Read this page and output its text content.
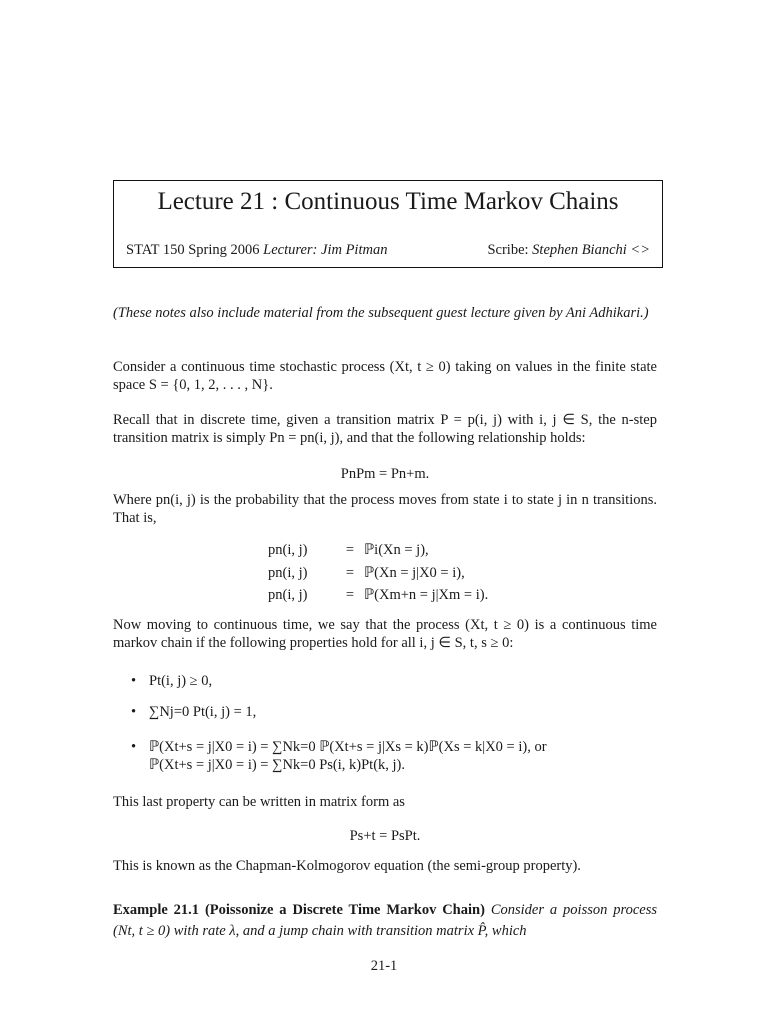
Lecture 21 : Continuous Time Markov Chains
STAT 150 Spring 2006 Lecturer: Jim Pitman	Scribe: Stephen Bianchi <>
(These notes also include material from the subsequent guest lecture given by Ani Adhikari.)
Consider a continuous time stochastic process (Xt, t ≥ 0) taking on values in the finite state space S = {0, 1, 2, . . . , N}.
Recall that in discrete time, given a transition matrix P = p(i, j) with i, j ∈ S, the n-step transition matrix is simply Pn = pn(i, j), and that the following relationship holds:
PnPm = Pn+m.
Where pn(i, j) is the probability that the process moves from state i to state j in n transitions. That is,
pn(i, j)	= ℙi(Xn = j),
pn(i, j)	= ℙ(Xn = j|X0 = i),
pn(i, j)	= ℙ(Xm+n = j|Xm = i).
Now moving to continuous time, we say that the process (Xt, t ≥ 0) is a continuous time markov chain if the following properties hold for all i, j ∈ S, t, s ≥ 0:
• Pt(i, j) ≥ 0,
• ∑Nj=0 Pt(i, j) = 1,
• ℙ(Xt+s = j|X0 = i) = ∑Nk=0 ℙ(Xt+s = j|Xs = k)ℙ(Xs = k|X0 = i), or
ℙ(Xt+s = j|X0 = i) = ∑Nk=0 Ps(i, k)Pt(k, j).
This last property can be written in matrix form as
Ps+t = PsPt.
This is known as the Chapman-Kolmogorov equation (the semi-group property).
Example 21.1 (Poissonize a Discrete Time Markov Chain) Consider a poisson process (Nt, t ≥ 0) with rate λ, and a jump chain with transition matrix P̂, which
21-1
